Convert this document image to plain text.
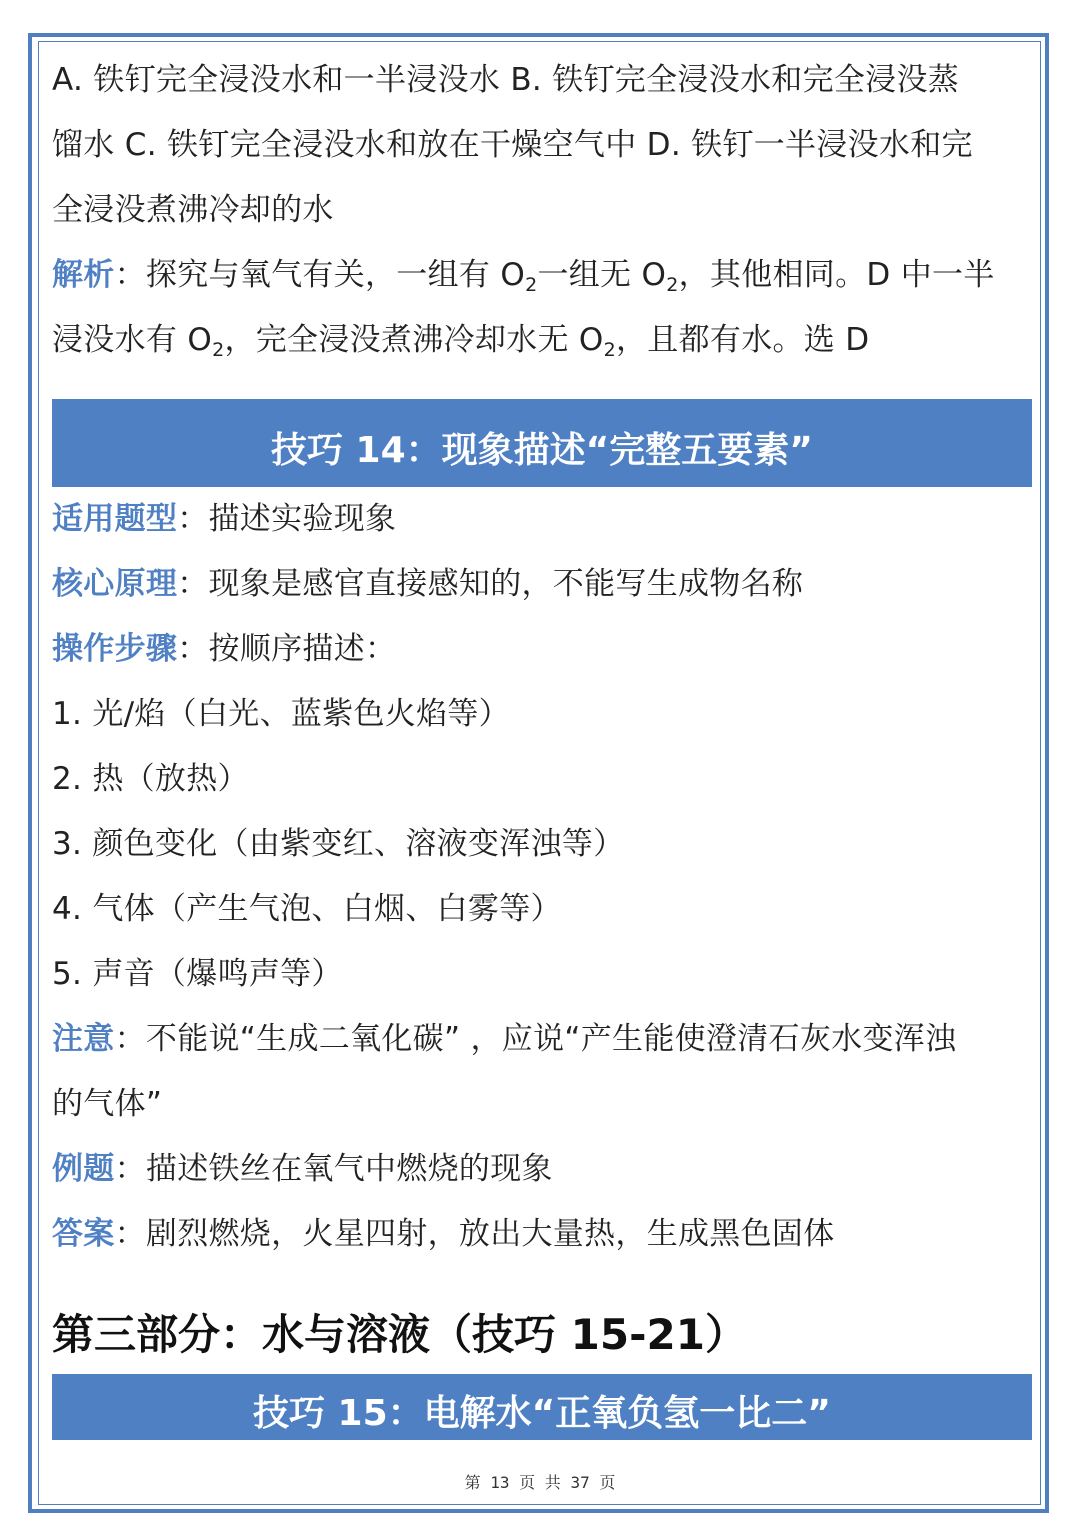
A. 铁钉完全浸没水和一半浸没水 B. 铁钉完全浸没水和完全浸没蒸

馏水 C. 铁钉完全浸没水和放在干燥空气中 D. 铁钉一半浸没水和完

全浸没煮沸冷却的水

解析：探究与氧气有关，一组有 $O_2$一组无 $O_2$，其他相同。D 中一半

浸没水有 $O_2$，完全浸没煮沸冷却水无 $O_2$，且都有水。选 D

技巧 14：现象描述“完整五要素”

适用题型：描述实验现象

核心原理：现象是感官直接感知的，不能写生成物名称

操作步骤：按顺序描述：

1. 光/焰（白光、蓝紫色火焰等）

2. 热（放热）

3. 颜色变化（由紫变红、溶液变浑浊等）

4. 气体（产生气泡、白烟、白雾等）

5. 声音（爆鸣声等）

注意：不能说“生成二氧化碳” ，应说“产生能使澄清石灰水变浑浊

的气体”

例题：描述铁丝在氧气中燃烧的现象

答案：剧烈燃烧，火星四射，放出大量热，生成黑色固体

第三部分：水与溶液（技巧 15-21）
技巧 15：电解水“正氧负氢一比二”
第 13 页 共 37 页
